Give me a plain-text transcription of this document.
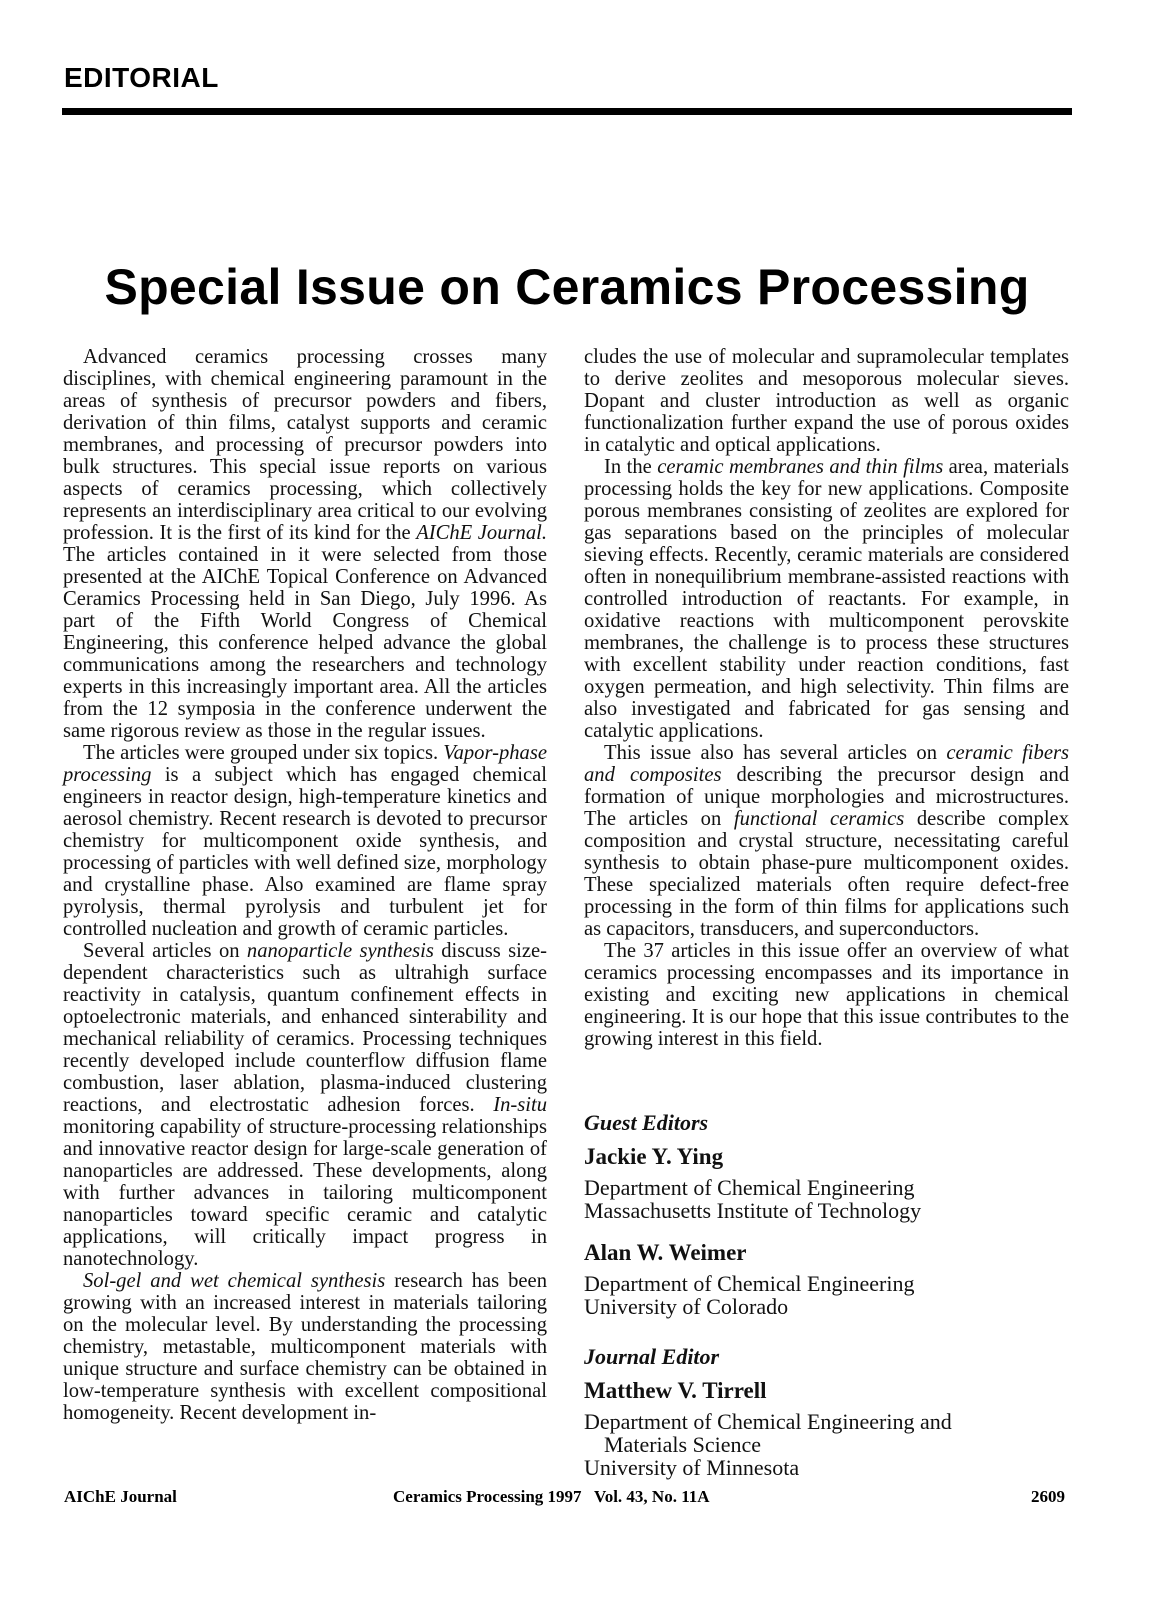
EDITORIAL
Special Issue on Ceramics Processing

Advanced ceramics processing crosses many disciplines, with chemical engineering paramount in the areas of synthesis of precursor powders and fibers, derivation of thin films, catalyst supports and ceramic membranes, and processing of precursor powders into bulk structures. This special issue reports on various aspects of ceramics processing, which collectively represents an interdisciplinary area critical to our evolving profession. It is the first of its kind for the AIChE Journal. The articles contained in it were selected from those presented at the AIChE Topical Conference on Advanced Ceramics Processing held in San Diego, July 1996. As part of the Fifth World Congress of Chemical Engineering, this conference helped advance the global communications among the researchers and technology experts in this increasingly important area. All the articles from the 12 symposia in the conference underwent the same rigorous review as those in the regular issues.

The articles were grouped under six topics. Vapor-phase processing is a subject which has engaged chemical engineers in reactor design, high-temperature kinetics and aerosol chemistry. Recent research is devoted to precursor chemistry for multicomponent oxide synthesis, and processing of particles with well defined size, morphology and crystalline phase. Also examined are flame spray pyrolysis, thermal pyrolysis and turbulent jet for controlled nucleation and growth of ceramic particles.

Several articles on nanoparticle synthesis discuss size-dependent characteristics such as ultrahigh surface reactivity in catalysis, quantum confinement effects in optoelectronic materials, and enhanced sinterability and mechanical reliability of ceramics. Processing techniques recently developed include counterflow diffusion flame combustion, laser ablation, plasma-induced clustering reactions, and electrostatic adhesion forces. In-situ monitoring capability of structure-processing relationships and innovative reactor design for large-scale generation of nanoparticles are addressed. These developments, along with further advances in tailoring multicomponent nanoparticles toward specific ceramic and catalytic applications, will critically impact progress in nanotechnology.

Sol-gel and wet chemical synthesis research has been growing with an increased interest in materials tailoring on the molecular level. By understanding the processing chemistry, metastable, multicomponent materials with unique structure and surface chemistry can be obtained in low-temperature synthesis with excellent compositional homogeneity. Recent development in-

cludes the use of molecular and supramolecular templates to derive zeolites and mesoporous molecular sieves. Dopant and cluster introduction as well as organic functionalization further expand the use of porous oxides in catalytic and optical applications.

In the ceramic membranes and thin films area, materials processing holds the key for new applications. Composite porous membranes consisting of zeolites are explored for gas separations based on the principles of molecular sieving effects. Recently, ceramic materials are considered often in nonequilibrium membrane-assisted reactions with controlled introduction of reactants. For example, in oxidative reactions with multicomponent perovskite membranes, the challenge is to process these structures with excellent stability under reaction conditions, fast oxygen permeation, and high selectivity. Thin films are also investigated and fabricated for gas sensing and catalytic applications.

This issue also has several articles on ceramic fibers and composites describing the precursor design and formation of unique morphologies and microstructures. The articles on functional ceramics describe complex composition and crystal structure, necessitating careful synthesis to obtain phase-pure multicomponent oxides. These specialized materials often require defect-free processing in the form of thin films for applications such as capacitors, transducers, and superconductors.

The 37 articles in this issue offer an overview of what ceramics processing encompasses and its importance in existing and exciting new applications in chemical engineering. It is our hope that this issue contributes to the growing interest in this field.

Guest Editors
Jackie Y. Ying
Department of Chemical Engineering
Massachusetts Institute of Technology
Alan W. Weimer
Department of Chemical Engineering
University of Colorado
Journal Editor
Matthew V. Tirrell
Department of Chemical Engineering and
Materials Science
University of Minnesota
AIChE Journal	Ceramics Processing 1997   Vol. 43, No. 11A	2609
